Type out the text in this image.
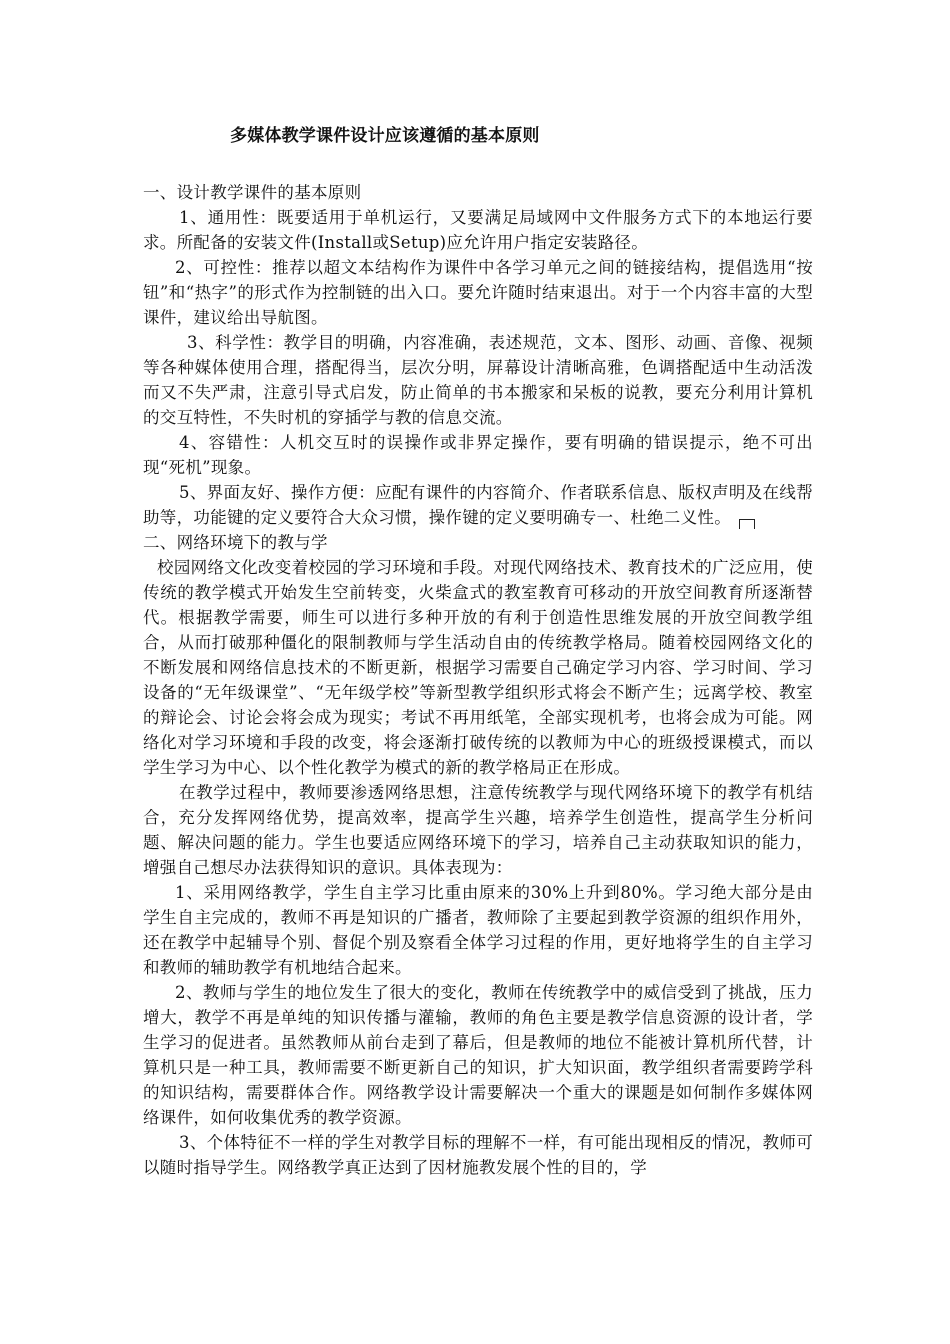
多媒体教学课件设计应该遵循的基本原则

一、设计教学课件的基本原则

1、通用性：既要适用于单机运行，又要满足局域网中文件服务方式下的本地运行要求。所配备的安装文件(Install或Setup)应允许用户指定安装路径。

2、可控性：推荐以超文本结构作为课件中各学习单元之间的链接结构，提倡选用“按钮”和“热字”的形式作为控制链的出入口。要允许随时结束退出。对于一个内容丰富的大型课件，建议给出导航图。

3、科学性：教学目的明确，内容准确，表述规范，文本、图形、动画、音像、视频等各种媒体使用合理，搭配得当，层次分明，屏幕设计清晰高雅，色调搭配适中生动活泼而又不失严肃，注意引导式启发，防止简单的书本搬家和呆板的说教，要充分利用计算机的交互特性，不失时机的穿插学与教的信息交流。

4、容错性：人机交互时的误操作或非界定操作，要有明确的错误提示，绝不可出现“死机”现象。

5、界面友好、操作方便：应配有课件的内容简介、作者联系信息、版权声明及在线帮助等，功能键的定义要符合大众习惯，操作键的定义要明确专一、杜绝二义性。

二、网络环境下的教与学

校园网络文化改变着校园的学习环境和手段。对现代网络技术、教育技术的广泛应用，使传统的教学模式开始发生空前转变，火柴盒式的教室教育可移动的开放空间教育所逐渐替代。根据教学需要，师生可以进行多种开放的有利于创造性思维发展的开放空间教学组合，从而打破那种僵化的限制教师与学生活动自由的传统教学格局。随着校园网络文化的不断发展和网络信息技术的不断更新，根据学习需要自己确定学习内容、学习时间、学习设备的“无年级课堂”、“无年级学校”等新型教学组织形式将会不断产生；远离学校、教室的辩论会、讨论会将会成为现实；考试不再用纸笔，全部实现机考，也将会成为可能。网络化对学习环境和手段的改变，将会逐渐打破传统的以教师为中心的班级授课模式，而以学生学习为中心、以个性化教学为模式的新的教学格局正在形成。

在教学过程中，教师要渗透网络思想，注意传统教学与现代网络环境下的教学有机结合，充分发挥网络优势，提高效率，提高学生兴趣，培养学生创造性，提高学生分析问题、解决问题的能力。学生也要适应网络环境下的学习，培养自己主动获取知识的能力，增强自己想尽办法获得知识的意识。具体表现为：

1、采用网络教学，学生自主学习比重由原来的30%上升到80%。学习绝大部分是由学生自主完成的，教师不再是知识的广播者，教师除了主要起到教学资源的组织作用外，还在教学中起辅导个别、督促个别及察看全体学习过程的作用，更好地将学生的自主学习和教师的辅助教学有机地结合起来。

2、教师与学生的地位发生了很大的变化，教师在传统教学中的威信受到了挑战，压力增大，教学不再是单纯的知识传播与灌输，教师的角色主要是教学信息资源的设计者，学生学习的促进者。虽然教师从前台走到了幕后，但是教师的地位不能被计算机所代替，计算机只是一种工具，教师需要不断更新自己的知识，扩大知识面，教学组织者需要跨学科的知识结构，需要群体合作。网络教学设计需要解决一个重大的课题是如何制作多媒体网络课件，如何收集优秀的教学资源。

3、个体特征不一样的学生对教学目标的理解不一样，有可能出现相反的情况，教师可以随时指导学生。网络教学真正达到了因材施教发展个性的目的，学
